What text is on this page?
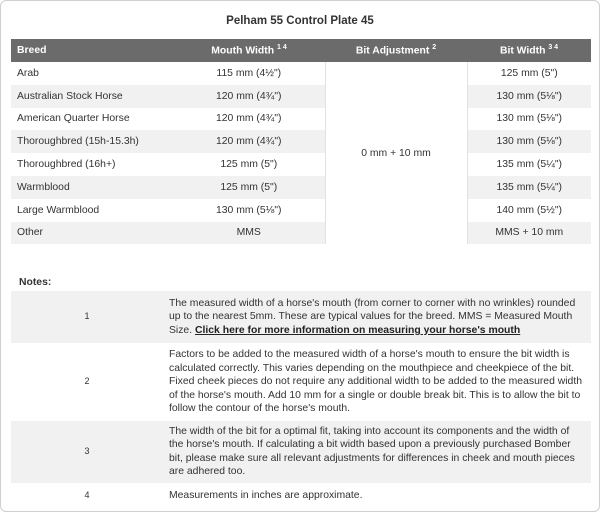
Pelham 55 Control Plate 45
Breed	Mouth Width $^{1 4}$	Bit Adjustment $^2$	Bit Width $^{3 4}$
Arab	115 mm (4½")	0 mm + 10 mm	125 mm (5")
Australian Stock Horse	120 mm (4¾")		130 mm (5⅛")
American Quarter Horse	120 mm (4¾")		130 mm (5⅛")
Thoroughbred (15h-15.3h)	120 mm (4¾")		130 mm (5⅛")
Thoroughbred (16h+)	125 mm (5")		135 mm (5¼")
Warmblood	125 mm (5")		135 mm (5¼")
Large Warmblood	130 mm (5⅛")		140 mm (5½")
Other	MMS		MMS + 10 mm
Notes:
1	The measured width of a horse's mouth (from corner to corner with no wrinkles) rounded up to the nearest 5mm. These are typical values for the breed. MMS = Measured Mouth Size. Click here for more information on measuring your horse's mouth
2	Factors to be added to the measured width of a horse's mouth to ensure the bit width is calculated correctly. This varies depending on the mouthpiece and cheekpiece of the bit. Fixed cheek pieces do not require any additional width to be added to the measured width of the horse's mouth. Add 10 mm for a single or double break bit. This is to allow the bit to follow the contour of the horse's mouth.
3	The width of the bit for a optimal fit, taking into account its components and the width of the horse's mouth. If calculating a bit width based upon a previously purchased Bomber bit, please make sure all relevant adjustments for differences in cheek and mouth pieces are adhered too.
4	Measurements in inches are approximate.
